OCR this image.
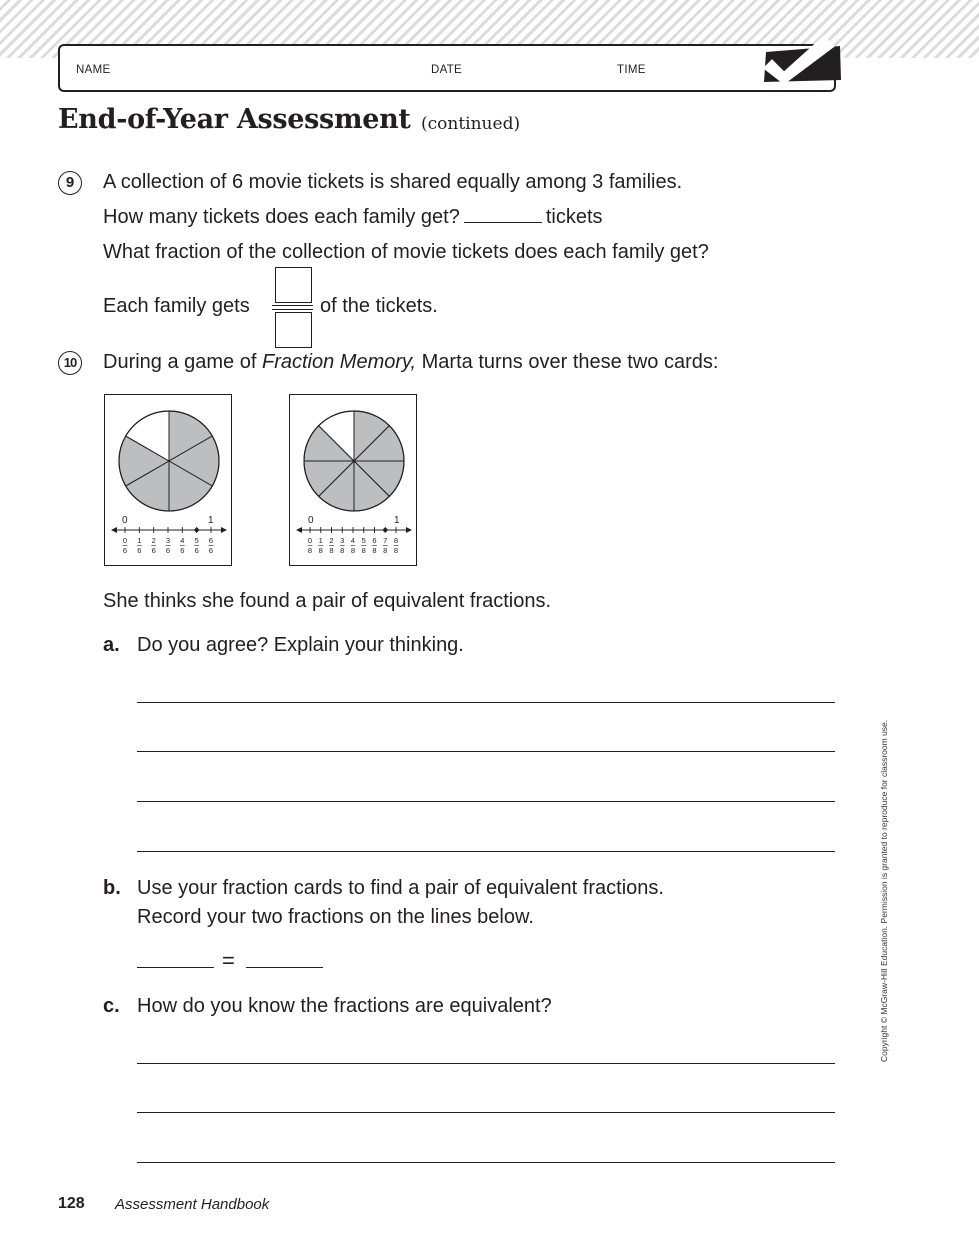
NAME	DATE	TIME
End-of-Year Assessment (continued)
9	A collection of 6 movie tickets is shared equally among 3 families.
How many tickets does each family get?	tickets
What fraction of the collection of movie tickets does each family get?
Each family gets	of the tickets.
10 During a game of Fraction Memory, Marta turns over these two cards:
0	1
0
6
1
6
2
6
3
6
4
6
5
6
6
6
0	1
0
8
1
8
2
8
3
8
4
8
5
8
6
8
7
8
8
8
She thinks she found a pair of equivalent fractions.
a. Do you agree? Explain your thinking.
b. Use your fraction cards to find a pair of equivalent fractions.
Record your two fractions on the lines below.
=
c. How do you know the fractions are equivalent?	Copyright © McGraw-Hill Education. Permission is granted to reproduce for classroom use.
128 Assessment Handbook
